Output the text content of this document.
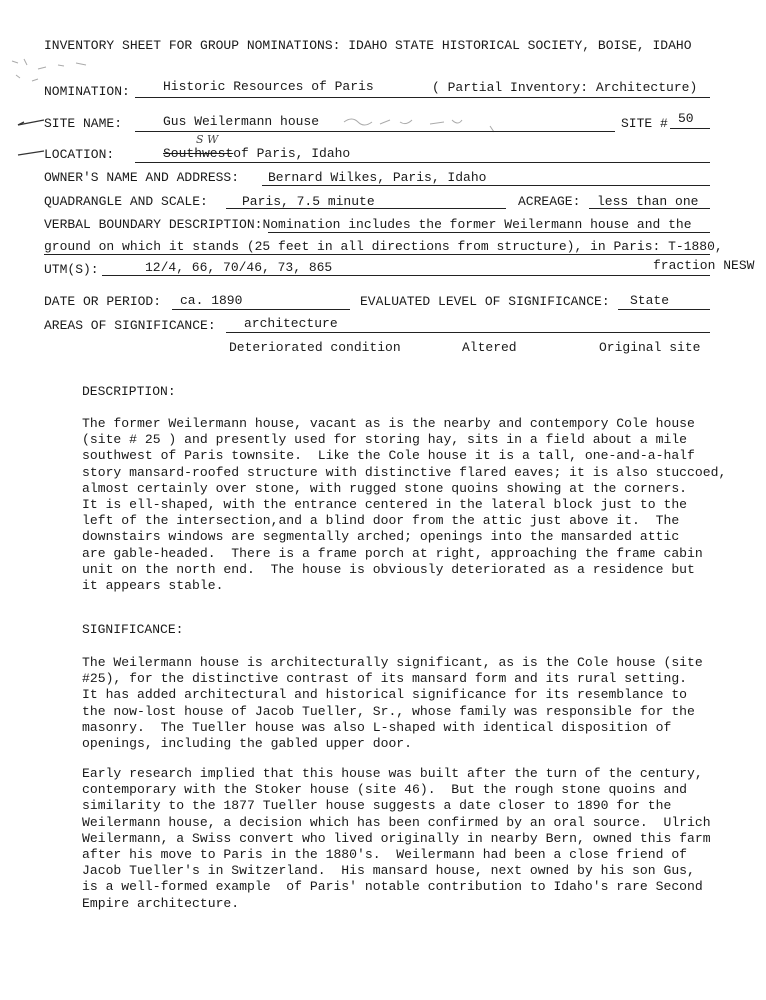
INVENTORY SHEET FOR GROUP NOMINATIONS: IDAHO STATE HISTORICAL SOCIETY, BOISE, IDAHO
NOMINATION:	Historic Resources of Paris	( Partial Inventory: Architecture)
SITE NAME:	Gus Weilermann house	SITE # 50
S W
LOCATION:	Southwestof Paris, Idaho
OWNER'S NAME AND ADDRESS: Bernard Wilkes, Paris, Idaho
QUADRANGLE AND SCALE:	Paris, 7.5 minute	ACREAGE: less than one
VERBAL BOUNDARY DESCRIPTION:Nomination includes the former Weilermann house and the
ground on which it stands (25 feet in all directions from structure), in Paris: T-1880,
UTM(S):	12/4, 66, 70/46, 73, 865	fraction NESW
DATE OR PERIOD: ca. 1890	EVALUATED LEVEL OF SIGNIFICANCE: State
AREAS OF SIGNIFICANCE: architecture
Deteriorated condition	Altered	Original site
DESCRIPTION:
The former Weilermann house, vacant as is the nearby and contempory Cole house
(site # 25 ) and presently used for storing hay, sits in a field about a mile
southwest of Paris townsite.  Like the Cole house it is a tall, one-and-a-half
story mansard-roofed structure with distinctive flared eaves; it is also stuccoed,
almost certainly over stone, with rugged stone quoins showing at the corners.
It is ell-shaped, with the entrance centered in the lateral block just to the
left of the intersection,and a blind door from the attic just above it.  The
downstairs windows are segmentally arched; openings into the mansarded attic
are gable-headed.  There is a frame porch at right, approaching the frame cabin
unit on the north end.  The house is obviously deteriorated as a residence but
it appears stable.
SIGNIFICANCE:
The Weilermann house is architecturally significant, as is the Cole house (site
#25), for the distinctive contrast of its mansard form and its rural setting.
It has added architectural and historical significance for its resemblance to
the now-lost house of Jacob Tueller, Sr., whose family was responsible for the
masonry.  The Tueller house was also L-shaped with identical disposition of
openings, including the gabled upper door.
Early research implied that this house was built after the turn of the century,
contemporary with the Stoker house (site 46).  But the rough stone quoins and
similarity to the 1877 Tueller house suggests a date closer to 1890 for the
Weilermann house, a decision which has been confirmed by an oral source.  Ulrich
Weilermann, a Swiss convert who lived originally in nearby Bern, owned this farm
after his move to Paris in the 1880's.  Weilermann had been a close friend of
Jacob Tueller's in Switzerland.  His mansard house, next owned by his son Gus,
is a well-formed example  of Paris' notable contribution to Idaho's rare Second
Empire architecture.
